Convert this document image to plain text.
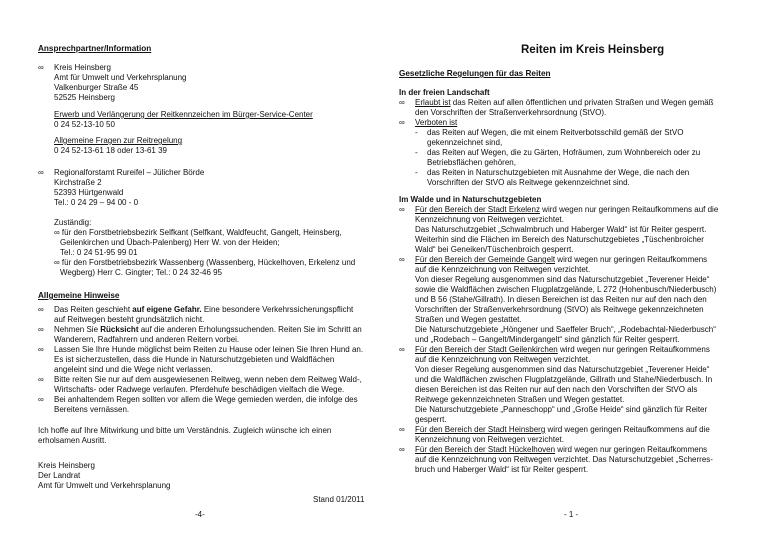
Ansprechpartner/Information
∞ Kreis Heinsberg
Amt für Umwelt und Verkehrsplanung
Valkenburger Straße 45
52525 Heinsberg
Erwerb und Verlängerung der Reitkennzeichen im Bürger-Service-Center
0 24 52-13-10 50
Allgemeine Fragen zur Reitregelung
0 24 52-13-61 18 oder 13-61 39
∞ Regionalforstamt Rureifel – Jülicher Börde
Kirchstraße 2
52393 Hürtgenwald
Tel.: 0 24 29 – 94 00 - 0
Zuständig:
∞ für den Forstbetriebsbezirk Selfkant (Selfkant, Waldfeucht, Gangelt, Heinsberg,
Geilenkirchen und Übach-Palenberg) Herr W. von der Heiden;
Tel.: 0 24 51-95 99 01
∞ für den Forstbetriebsbezirk Wassenberg (Wassenberg, Hückelhoven, Erkelenz und
Wegberg) Herr C. Gingter; Tel.: 0 24 32-46 95
Allgemeine Hinweise
∞ Das Reiten geschieht auf eigene Gefahr. Eine besondere Verkehrssicherungspflicht
auf Reitwegen besteht grundsätzlich nicht.
∞ Nehmen Sie Rücksicht auf die anderen Erholungssuchenden. Reiten Sie im Schritt an
Wanderern, Radfahrern und anderen Reitern vorbei.
∞ Lassen Sie Ihre Hunde möglichst beim Reiten zu Hause oder leinen Sie Ihren Hund an.
Es ist sicherzustellen, dass die Hunde in Naturschutzgebieten und Waldflächen
angeleint sind und die Wege nicht verlassen.
∞ Bitte reiten Sie nur auf dem ausgewiesenen Reitweg, wenn neben dem Reitweg Wald-,
Wirtschafts- oder Radwege verlaufen. Pferdehufe beschädigen vielfach die Wege.
∞ Bei anhaltendem Regen sollten vor allem die Wege gemieden werden, die infolge des
Bereitens vernässen.
Ich hoffe auf Ihre Mitwirkung und bitte um Verständnis. Zugleich wünsche ich einen
erholsamen Ausritt.
Kreis Heinsberg
Der Landrat
Amt für Umwelt und Verkehrsplanung
Stand 01/2011
-4-
Reiten im Kreis Heinsberg
Gesetzliche Regelungen für das Reiten
In der freien Landschaft
∞ Erlaubt ist das Reiten auf allen öffentlichen und privaten Straßen und Wegen gemäß
den Vorschriften der Straßenverkehrsordnung (StVO).
∞ Verboten ist
- das Reiten auf Wegen, die mit einem Reitverbotsschild gemäß der StVO
gekennzeichnet sind,
- das Reiten auf Wegen, die zu Gärten, Hofräumen, zum Wohnbereich oder zu
Betriebsflächen gehören,
- das Reiten in Naturschutzgebieten mit Ausnahme der Wege, die nach den
Vorschriften der StVO als Reitwege gekennzeichnet sind.
Im Walde und in Naturschutzgebieten
∞ Für den Bereich der Stadt Erkelenz wird wegen nur geringen Reitaufkommens auf die
Kennzeichnung von Reitwegen verzichtet.
Das Naturschutzgebiet „Schwalmbruch und Haberger Wald“ ist für Reiter gesperrt.
Weiterhin sind die Flächen im Bereich des Naturschutzgebietes „Tüschenbroicher
Wald“ bei Geneiken/Tüschenbroich gesperrt.
∞ Für den Bereich der Gemeinde Gangelt wird wegen nur geringen Reitaufkommens
auf die Kennzeichnung von Reitwegen verzichtet.
Von dieser Regelung ausgenommen sind das Naturschutzgebiet „Teverener Heide“
sowie die Waldflächen zwischen Flugplatzgelände, L 272 (Hohenbusch/Niederbusch)
und B 56 (Stahe/Gillrath). In diesen Bereichen ist das Reiten nur auf den nach den
Vorschriften der Straßenverkehrsordnung (StVO) als Reitwege gekennzeichneten
Straßen und Wegen gestattet.
Die Naturschutzgebiete „Höngener und Saeffeler Bruch“, „Rodebachtal-Niederbusch“
und „Rodebach – Gangelt/Mindergangelt“ sind gänzlich für Reiter gesperrt.
∞ Für den Bereich der Stadt Geilenkirchen wird wegen nur geringen Reitaufkommens
auf die Kennzeichnung von Reitwegen verzichtet.
Von dieser Regelung ausgenommen sind das Naturschutzgebiet „Teverener Heide“
und die Waldflächen zwischen Flugplatzgelände, Gillrath und Stahe/Niederbusch. In
diesen Bereichen ist das Reiten nur auf den nach den Vorschriften der StVO als
Reitwege gekennzeichneten Straßen und Wegen gestattet.
Die Naturschutzgebiete „Panneschopp“ und „Große Heide“ sind gänzlich für Reiter
gesperrt.
∞ Für den Bereich der Stadt Heinsberg wird wegen geringen Reitaufkommens auf die
Kennzeichnung von Reitwegen verzichtet.
∞ Für den Bereich der Stadt Hückelhoven wird wegen nur geringen Reitaufkommens
auf die Kennzeichnung von Reitwegen verzichtet. Das Naturschutzgebiet „Scherres-
bruch und Haberger Wald“ ist für Reiter gesperrt.
- 1 -
